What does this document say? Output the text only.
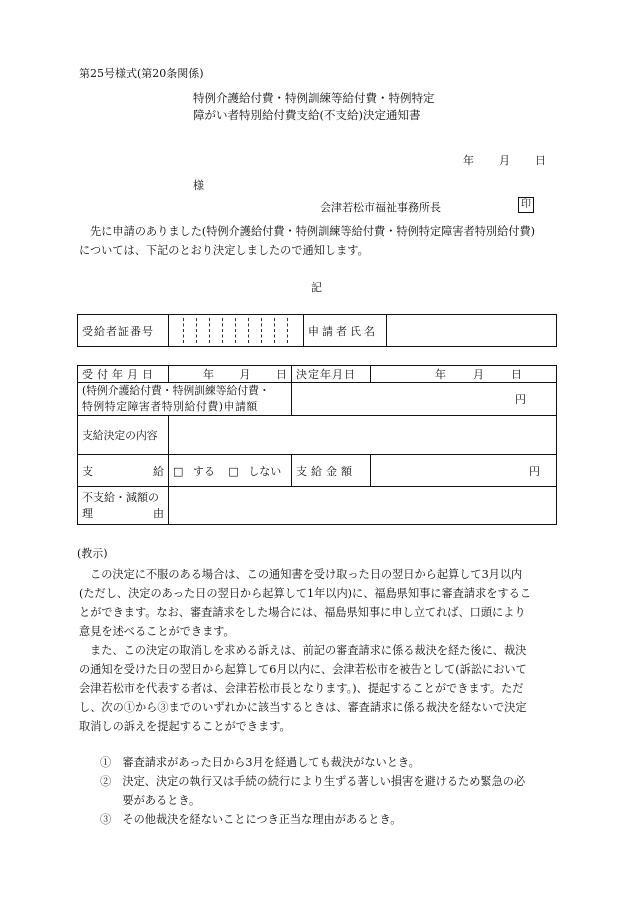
第25号様式(第20条関係)
特例介護給付費・特例訓練等給付費・特例特定
障がい者特別給付費支給(不支給)決定通知書
年 月 日
様
会津若松市福祉事務所長	印
先に申請のありました(特例介護給付費・特例訓練等給付費・特例特定障害者特別給付費)
については、下記のとおり決定しましたので通知します。
記
受給者証番号		申請者氏名	
受付年月日	年 月 日	決定年月日	年 月 日

(特例介護給付費・特例訓練等給付費・
特例特定障害者特別給付費)申請額		円	
支給決定の内容			

支 給	□ する □ しない	支給金額	円

不支給・減額の
理 由			

(教示)
この決定に不服のある場合は、この通知書を受け取った日の翌日から起算して3月以内
(ただし、決定のあった日の翌日から起算して1年以内)に、福島県知事に審査請求をするこ
とができます。なお、審査請求をした場合には、福島県知事に申し立てれば、口頭により
意見を述べることができます。
また、この決定の取消しを求める訴えは、前記の審査請求に係る裁決を経た後に、裁決
の通知を受けた日の翌日から起算して6月以内に、会津若松市を被告として(訴訟において
会津若松市を代表する者は、会津若松市長となります。)、提起することができます。ただ
し、次の①から③までのいずれかに該当するときは、審査請求に係る裁決を経ないで決定
取消しの訴えを提起することができます。
①　審査請求があった日から3月を経過しても裁決がないとき。
②　決定、決定の執行又は手続の続行により生ずる著しい損害を避けるため緊急の必
　　要があるとき。
③　その他裁決を経ないことにつき正当な理由があるとき。
